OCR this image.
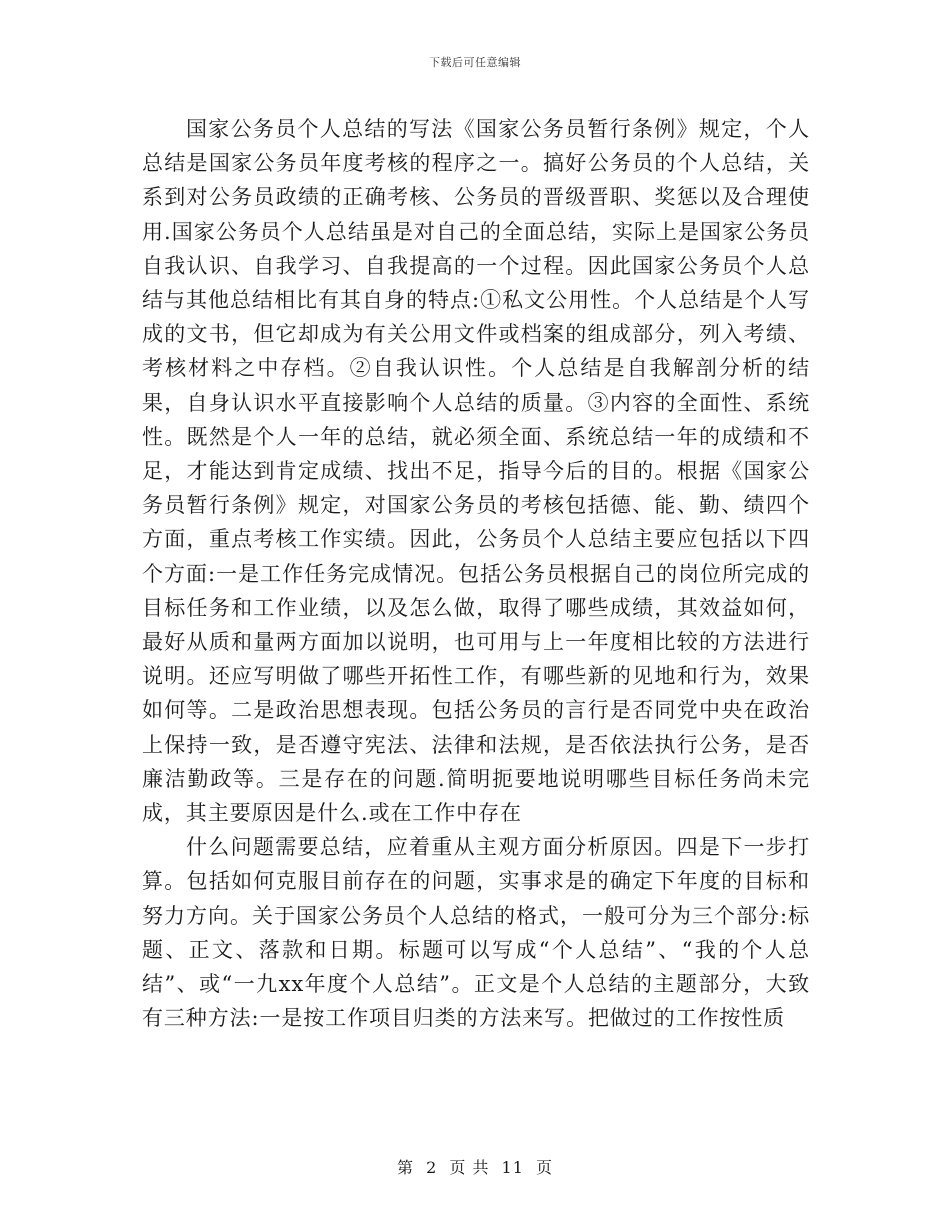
下载后可任意编辑

国家公务员个人总结的写法《国家公务员暂行条例》规定，个人总结是国家公务员年度考核的程序之一。搞好公务员的个人总结，关系到对公务员政绩的正确考核、公务员的晋级晋职、奖惩以及合理使用.国家公务员个人总结虽是对自己的全面总结，实际上是国家公务员自我认识、自我学习、自我提高的一个过程。因此国家公务员个人总结与其他总结相比有其自身的特点:①私文公用性。个人总结是个人写成的文书，但它却成为有关公用文件或档案的组成部分，列入考绩、考核材料之中存档。②自我认识性。个人总结是自我解剖分析的结果，自身认识水平直接影响个人总结的质量。③内容的全面性、系统性。既然是个人一年的总结，就必须全面、系统总结一年的成绩和不足，才能达到肯定成绩、找出不足，指导今后的目的。根据《国家公务员暂行条例》规定，对国家公务员的考核包括德、能、勤、绩四个方面，重点考核工作实绩。因此，公务员个人总结主要应包括以下四个方面:一是工作任务完成情况。包括公务员根据自己的岗位所完成的目标任务和工作业绩，以及怎么做，取得了哪些成绩，其效益如何，最好从质和量两方面加以说明，也可用与上一年度相比较的方法进行说明。还应写明做了哪些开拓性工作，有哪些新的见地和行为，效果如何等。二是政治思想表现。包括公务员的言行是否同党中央在政治上保持一致，是否遵守宪法、法律和法规，是否依法执行公务，是否廉洁勤政等。三是存在的问题.简明扼要地说明哪些目标任务尚未完成，其主要原因是什么.或在工作中存在

什么问题需要总结，应着重从主观方面分析原因。四是下一步打算。包括如何克服目前存在的问题，实事求是的确定下年度的目标和努力方向。关于国家公务员个人总结的格式，一般可分为三个部分:标题、正文、落款和日期。标题可以写成“个人总结”、“我的个人总结”、或“一九xx年度个人总结”。正文是个人总结的主题部分，大致有三种方法:一是按工作项目归类的方法来写。把做过的工作按性质

第 2 页 共 11 页
